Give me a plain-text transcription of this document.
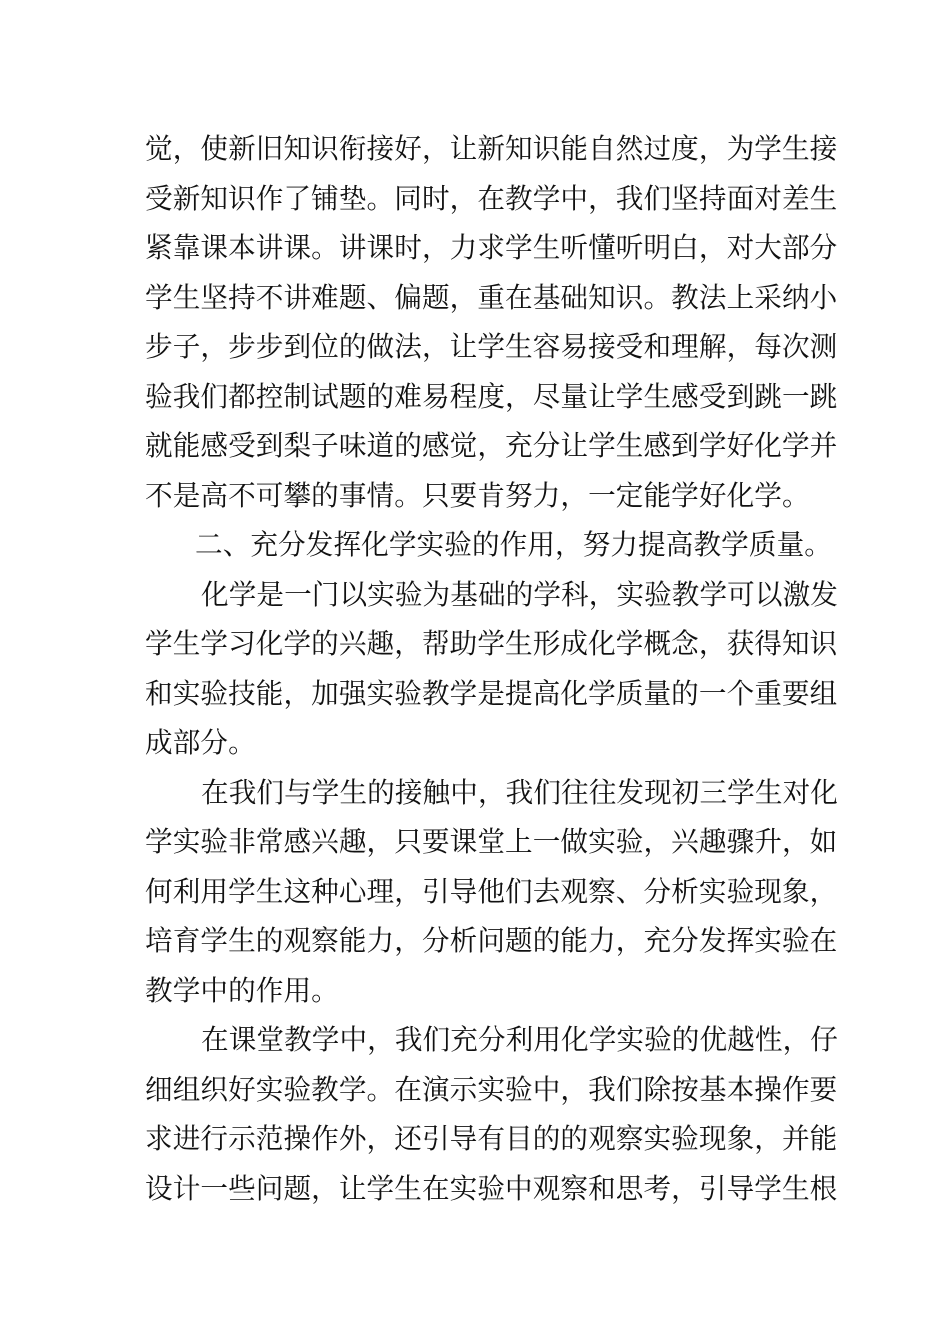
觉，使新旧知识衔接好，让新知识能自然过度，为学生接
受新知识作了铺垫。同时，在教学中，我们坚持面对差生
紧靠课本讲课。讲课时，力求学生听懂听明白，对大部分
学生坚持不讲难题、偏题，重在基础知识。教法上采纳小
步子，步步到位的做法，让学生容易接受和理解，每次测
验我们都控制试题的难易程度，尽量让学生感受到跳一跳
就能感受到梨子味道的感觉，充分让学生感到学好化学并
不是高不可攀的事情。只要肯努力，一定能学好化学。
二、充分发挥化学实验的作用，努力提高教学质量。
化学是一门以实验为基础的学科，实验教学可以激发
学生学习化学的兴趣，帮助学生形成化学概念，获得知识
和实验技能，加强实验教学是提高化学质量的一个重要组
成部分。
在我们与学生的接触中，我们往往发现初三学生对化
学实验非常感兴趣，只要课堂上一做实验，兴趣骤升，如
何利用学生这种心理，引导他们去观察、分析实验现象，
培育学生的观察能力，分析问题的能力，充分发挥实验在
教学中的作用。
在课堂教学中，我们充分利用化学实验的优越性，仔
细组织好实验教学。在演示实验中，我们除按基本操作要
求进行示范操作外，还引导有目的的观察实验现象，并能
设计一些问题，让学生在实验中观察和思考，引导学生根
